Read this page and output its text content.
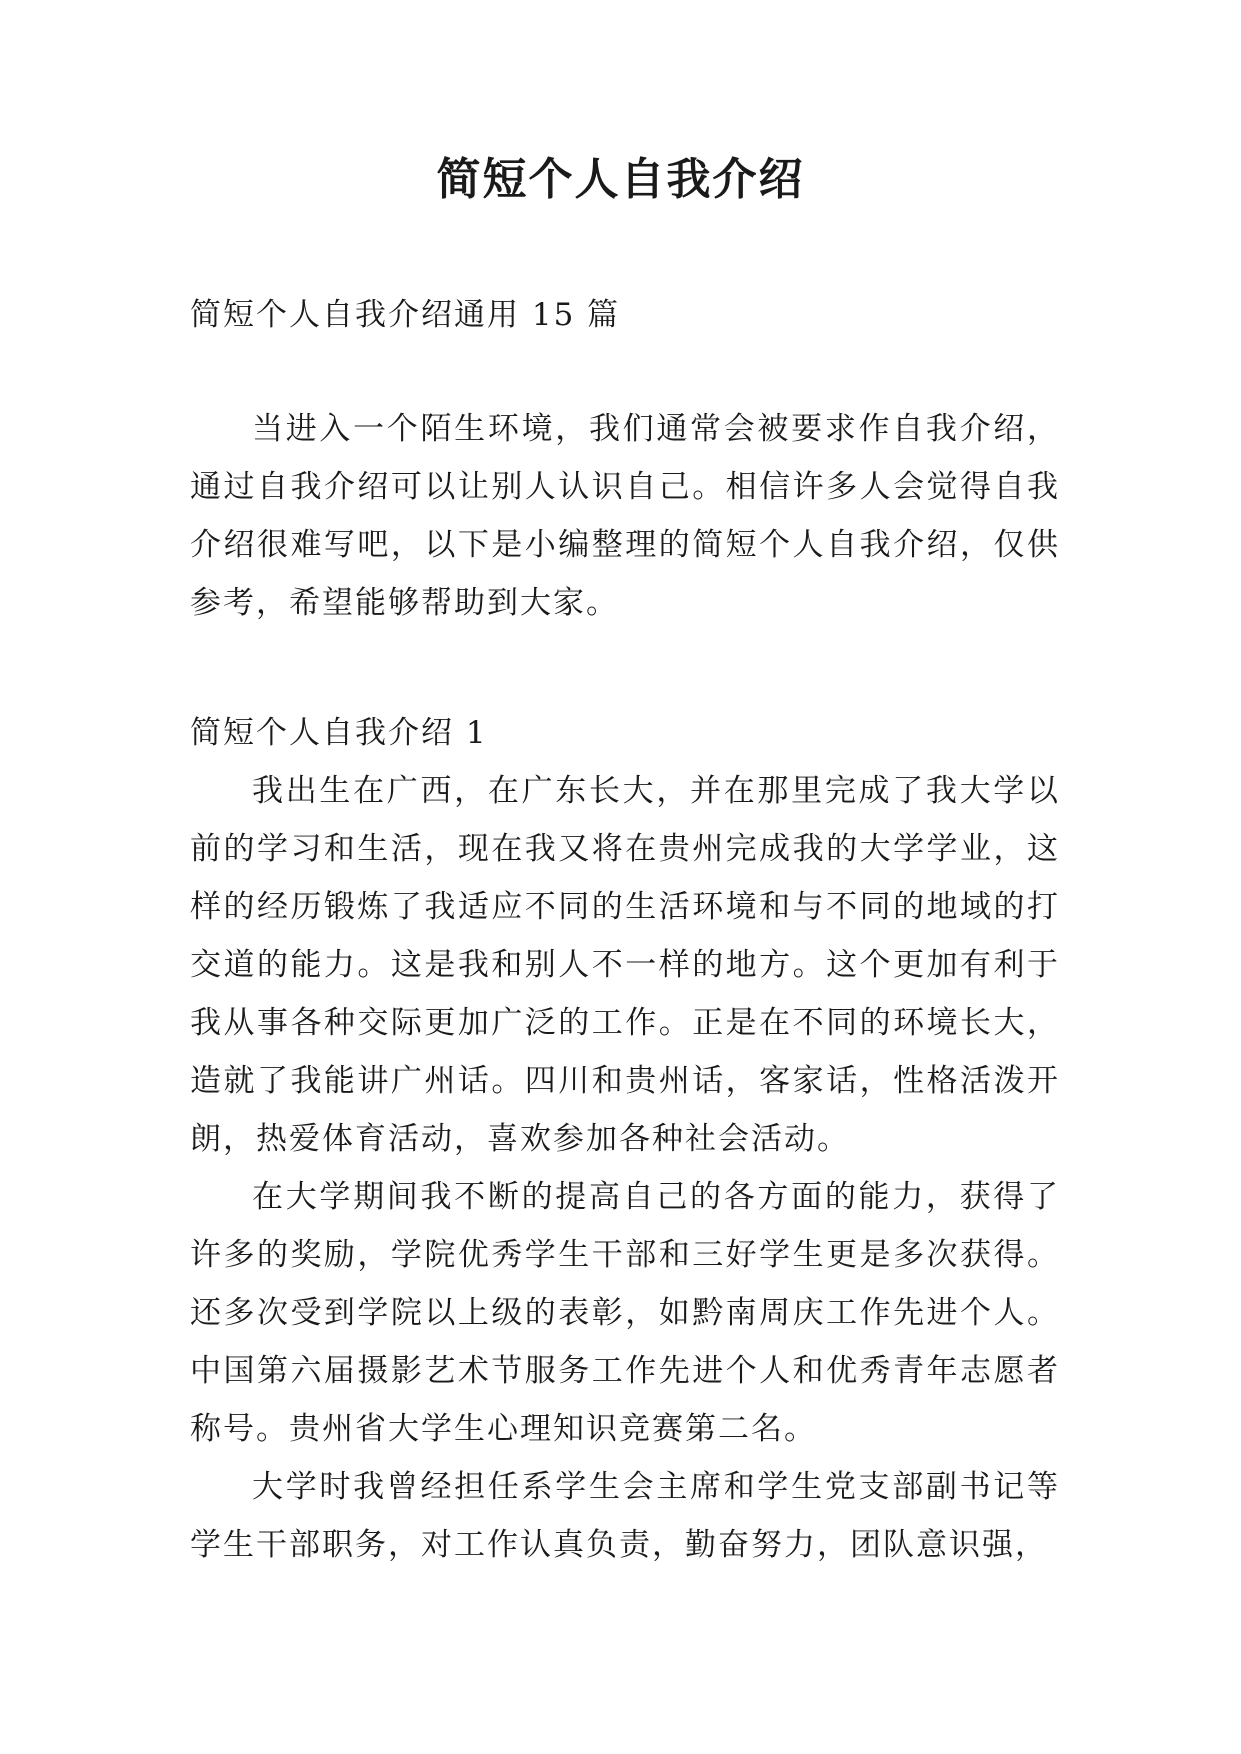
简短个人自我介绍

简短个人自我介绍通用 15 篇

当进入一个陌生环境，我们通常会被要求作自我介绍，通过自我介绍可以让别人认识自己。相信许多人会觉得自我介绍很难写吧，以下是小编整理的简短个人自我介绍，仅供参考，希望能够帮助到大家。

简短个人自我介绍 1

我出生在广西，在广东长大，并在那里完成了我大学以前的学习和生活，现在我又将在贵州完成我的大学学业，这样的经历锻炼了我适应不同的生活环境和与不同的地域的打交道的能力。这是我和别人不一样的地方。这个更加有利于我从事各种交际更加广泛的工作。正是在不同的环境长大，造就了我能讲广州话。四川和贵州话，客家话，性格活泼开朗，热爱体育活动，喜欢参加各种社会活动。

在大学期间我不断的提高自己的各方面的能力，获得了许多的奖励，学院优秀学生干部和三好学生更是多次获得。还多次受到学院以上级的表彰，如黔南周庆工作先进个人。中国第六届摄影艺术节服务工作先进个人和优秀青年志愿者称号。贵州省大学生心理知识竞赛第二名。

大学时我曾经担任系学生会主席和学生党支部副书记等学生干部职务，对工作认真负责，勤奋努力，团队意识强，
